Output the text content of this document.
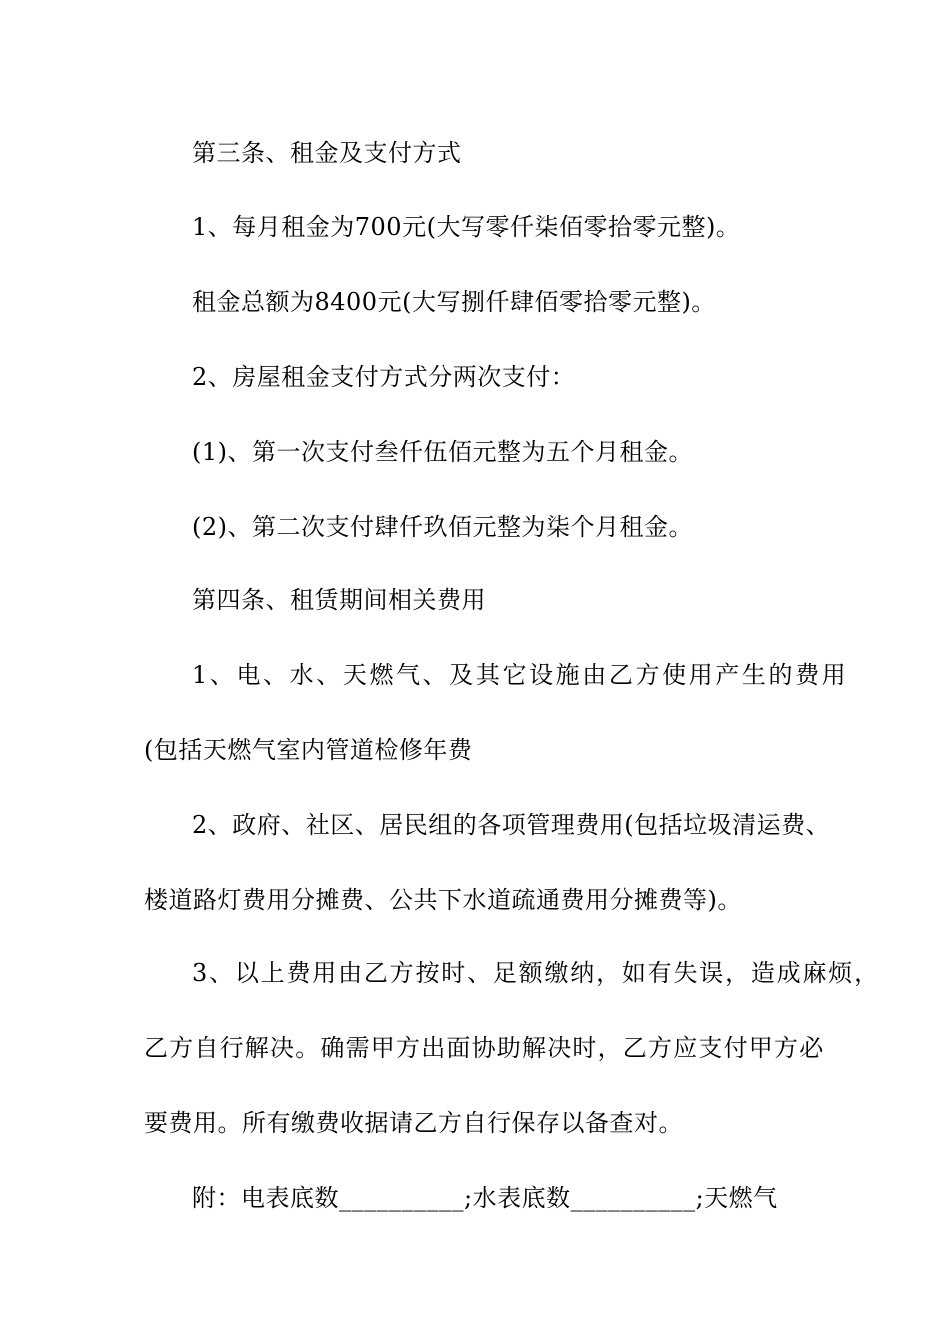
第三条、租金及支付方式
1、每月租金为700元(大写零仟柒佰零拾零元整)。
租金总额为8400元(大写捌仟肆佰零拾零元整)。
2、房屋租金支付方式分两次支付：
(1)、第一次支付叁仟伍佰元整为五个月租金。
(2)、第二次支付肆仟玖佰元整为柒个月租金。
第四条、租赁期间相关费用
1、电、水、天燃气、及其它设施由乙方使用产生的费用
(包括天燃气室内管道检修年费
2、政府、社区、居民组的各项管理费用(包括垃圾清运费、
楼道路灯费用分摊费、公共下水道疏通费用分摊费等)。
3、以上费用由乙方按时、足额缴纳，如有失误，造成麻烦，
乙方自行解决。确需甲方出面协助解决时，乙方应支付甲方必
要费用。所有缴费收据请乙方自行保存以备查对。
附：电表底数__________;水表底数__________;天燃气
